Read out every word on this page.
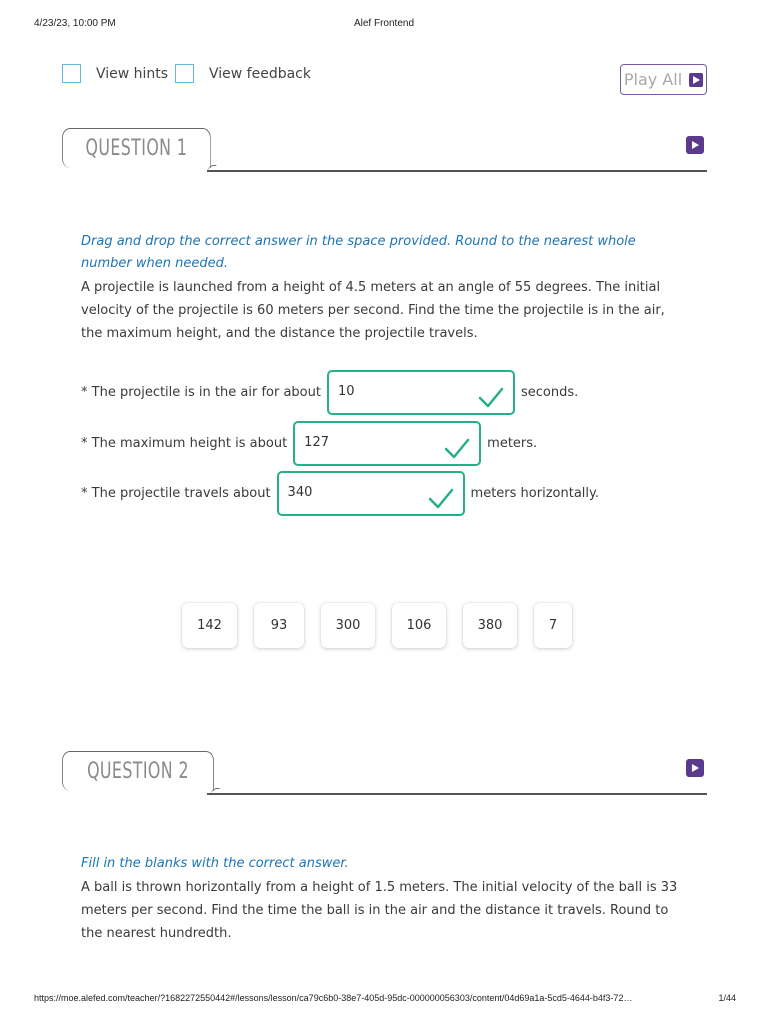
4/23/23, 10:00 PM	Alef Frontend
View hints	View feedback	Play All
QUESTION 1
Drag and drop the correct answer in the space provided. Round to the nearest whole number when needed.
A projectile is launched from a height of 4.5 meters at an angle of 55 degrees. The initial velocity of the projectile is 60 meters per second. Find the time the projectile is in the air, the maximum height, and the distance the projectile travels.
* The projectile is in the air for about 10	seconds.
* The maximum height is about 127	meters.
* The projectile travels about 340	meters horizontally.
142	93	300	106	380	7
QUESTION 2
Fill in the blanks with the correct answer.
A ball is thrown horizontally from a height of 1.5 meters. The initial velocity of the ball is 33 meters per second. Find the time the ball is in the air and the distance it travels. Round to the nearest hundredth.
https://moe.alefed.com/teacher/?1682272550442#/lessons/lesson/ca79c6b0-38e7-405d-95dc-000000056303/content/04d69a1a-5cd5-4644-b4f3-72…	1/44
